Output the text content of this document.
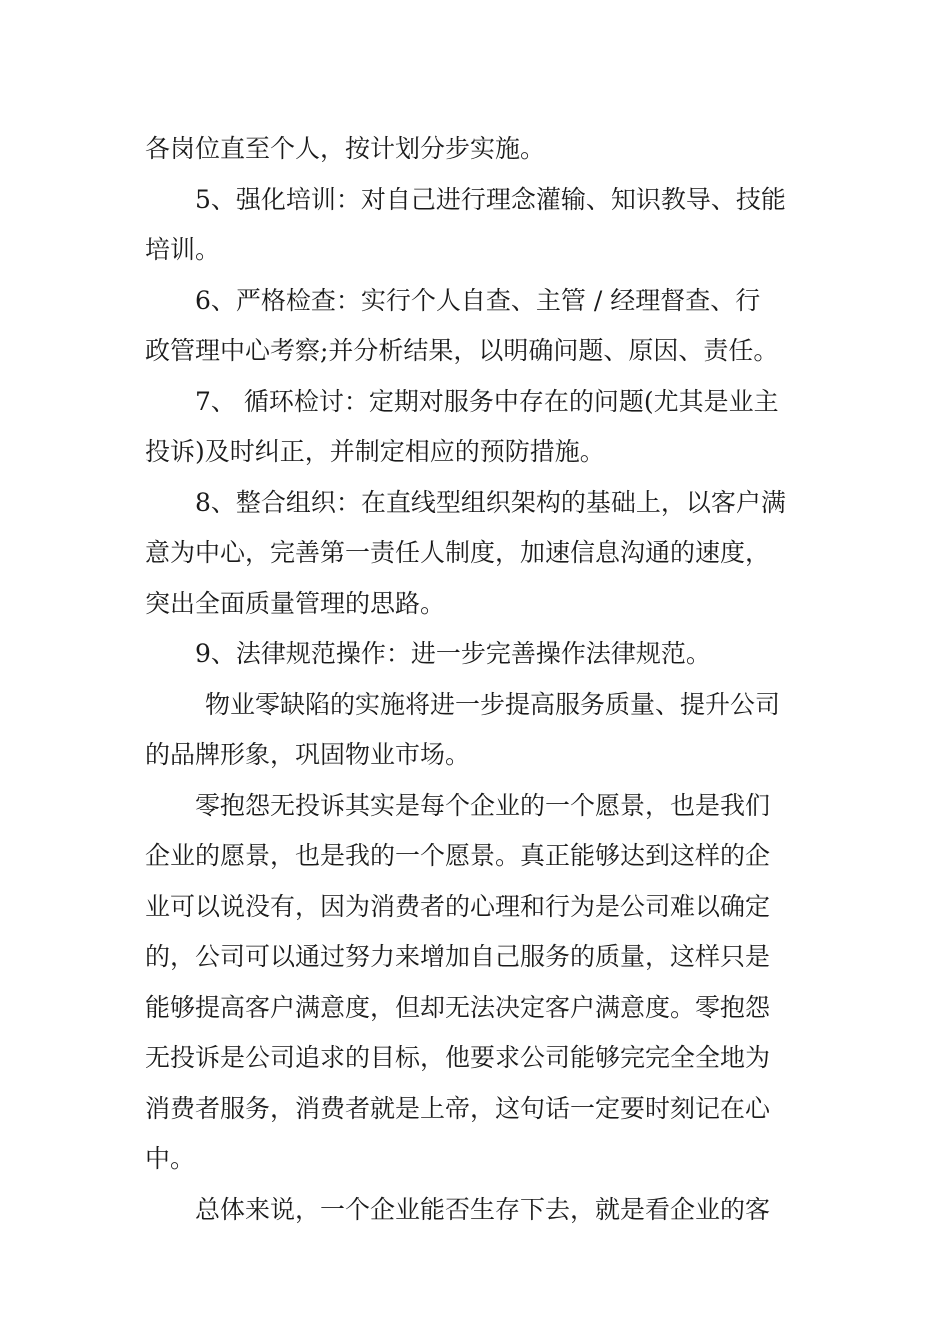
各岗位直至个人，按计划分步实施。
5、强化培训：对自己进行理念灌输、知识教导、技能
培训。
6、严格检查：实行个人自查、主管 / 经理督查、行
政管理中心考察;并分析结果，以明确问题、原因、责任。
7、 循环检讨：定期对服务中存在的问题(尤其是业主
投诉)及时纠正，并制定相应的预防措施。
8、整合组织：在直线型组织架构的基础上，以客户满
意为中心，完善第一责任人制度，加速信息沟通的速度，
突出全面质量管理的思路。
9、法律规范操作：进一步完善操作法律规范。
物业零缺陷的实施将进一步提高服务质量、提升公司
的品牌形象，巩固物业市场。
零抱怨无投诉其实是每个企业的一个愿景，也是我们
企业的愿景，也是我的一个愿景。真正能够达到这样的企
业可以说没有，因为消费者的心理和行为是公司难以确定
的，公司可以通过努力来增加自己服务的质量，这样只是
能够提高客户满意度，但却无法决定客户满意度。零抱怨
无投诉是公司追求的目标，他要求公司能够完完全全地为
消费者服务，消费者就是上帝，这句话一定要时刻记在心
中。
总体来说，一个企业能否生存下去，就是看企业的客
